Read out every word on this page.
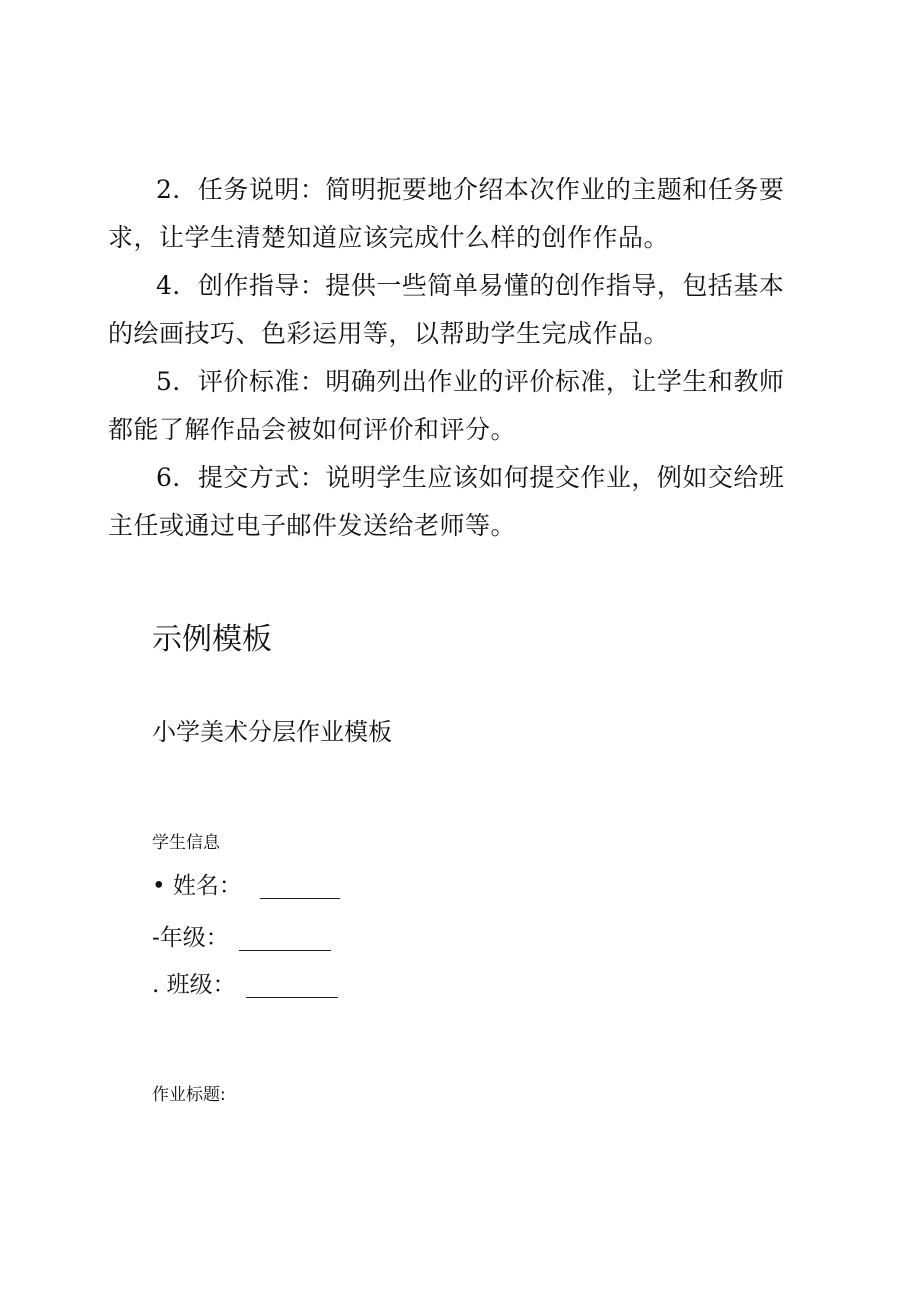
2．任务说明：简明扼要地介绍本次作业的主题和任务要求，让学生清楚知道应该完成什么样的创作作品。

4．创作指导：提供一些简单易懂的创作指导，包括基本的绘画技巧、色彩运用等，以帮助学生完成作品。

5．评价标准：明确列出作业的评价标准，让学生和教师都能了解作品会被如何评价和评分。

6．提交方式：说明学生应该如何提交作业，例如交给班主任或通过电子邮件发送给老师等。

示例模板
小学美术分层作业模板

学生信息

• 姓名：
-年级：
. 班级：

作业标题:
